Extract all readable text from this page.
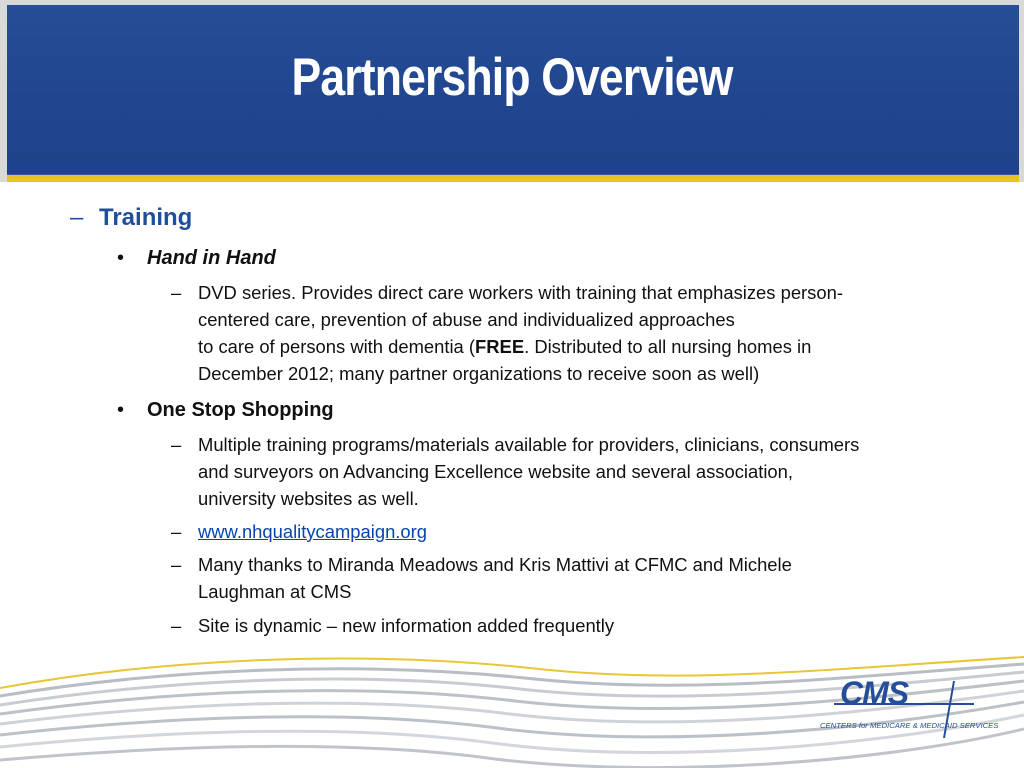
Partnership Overview
– Training
• Hand in Hand
– DVD series. Provides direct care workers with training that emphasizes person-
centered care, prevention of abuse and individualized approaches
to care of persons with dementia (FREE. Distributed to all nursing homes in
December 2012; many partner organizations to receive soon as well)
• One Stop Shopping
– Multiple training programs/materials available for providers, clinicians, consumers
and surveyors on Advancing Excellence website and several association,
university websites as well.
– www.nhqualitycampaign.org
– Many thanks to Miranda Meadows and Kris Mattivi at CFMC and Michele
Laughman at CMS
– Site is dynamic – new information added frequently
CMS
CENTERS for MEDICARE & MEDICAID SERVICES
